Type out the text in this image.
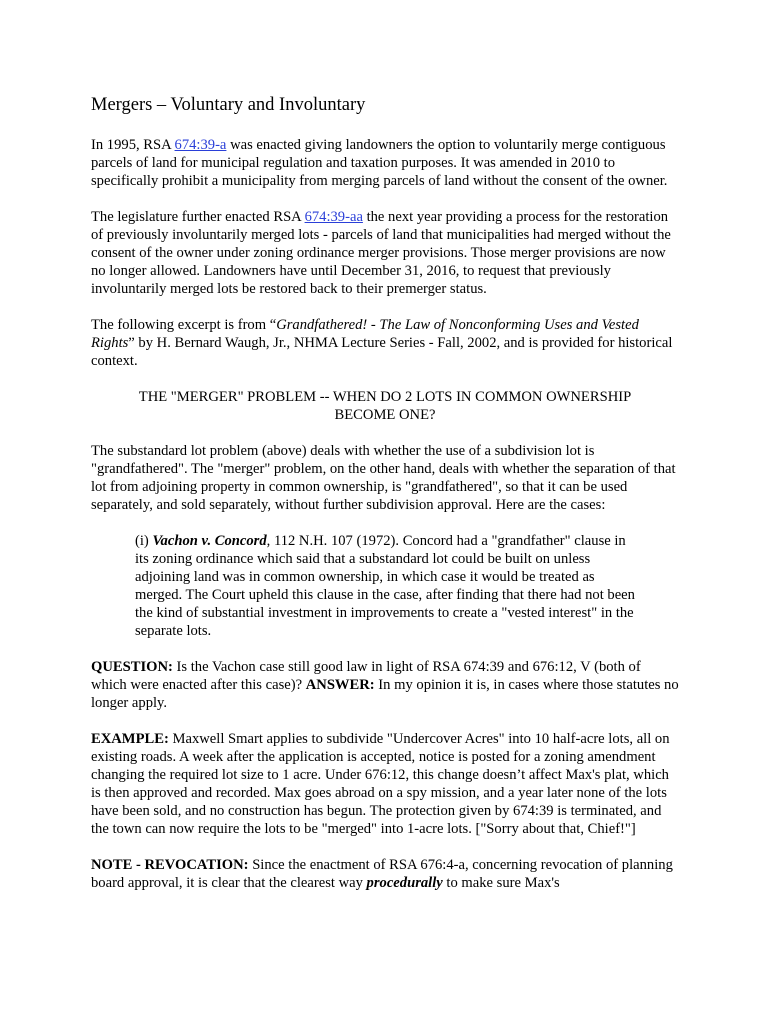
Mergers – Voluntary and Involuntary

In 1995, RSA 674:39-a was enacted giving landowners the option to voluntarily merge contiguous parcels of land for municipal regulation and taxation purposes. It was amended in 2010 to specifically prohibit a municipality from merging parcels of land without the consent of the owner.

The legislature further enacted RSA 674:39-aa the next year providing a process for the restoration of previously involuntarily merged lots - parcels of land that municipalities had merged without the consent of the owner under zoning ordinance merger provisions. Those merger provisions are now no longer allowed. Landowners have until December 31, 2016, to request that previously involuntarily merged lots be restored back to their premerger status.

The following excerpt is from “Grandfathered! - The Law of Nonconforming Uses and Vested Rights” by H. Bernard Waugh, Jr., NHMA Lecture Series - Fall, 2002, and is provided for historical context.

THE "MERGER" PROBLEM -- WHEN DO 2 LOTS IN COMMON OWNERSHIP
BECOME ONE?

The substandard lot problem (above) deals with whether the use of a subdivision lot is "grandfathered". The "merger" problem, on the other hand, deals with whether the separation of that lot from adjoining property in common ownership, is "grandfathered", so that it can be used separately, and sold separately, without further subdivision approval. Here are the cases:

(i) Vachon v. Concord, 112 N.H. 107 (1972). Concord had a "grandfather" clause in its zoning ordinance which said that a substandard lot could be built on unless adjoining land was in common ownership, in which case it would be treated as merged. The Court upheld this clause in the case, after finding that there had not been the kind of substantial investment in improvements to create a "vested interest" in the separate lots.

QUESTION: Is the Vachon case still good law in light of RSA 674:39 and 676:12, V (both of which were enacted after this case)? ANSWER: In my opinion it is, in cases where those statutes no longer apply.

EXAMPLE: Maxwell Smart applies to subdivide "Undercover Acres" into 10 half-acre lots, all on existing roads. A week after the application is accepted, notice is posted for a zoning amendment changing the required lot size to 1 acre. Under 676:12, this change doesn’t affect Max's plat, which is then approved and recorded. Max goes abroad on a spy mission, and a year later none of the lots have been sold, and no construction has begun. The protection given by 674:39 is terminated, and the town can now require the lots to be "merged" into 1-acre lots. ["Sorry about that, Chief!"]

NOTE - REVOCATION: Since the enactment of RSA 676:4-a, concerning revocation of planning board approval, it is clear that the clearest way procedurally to make sure Max's
